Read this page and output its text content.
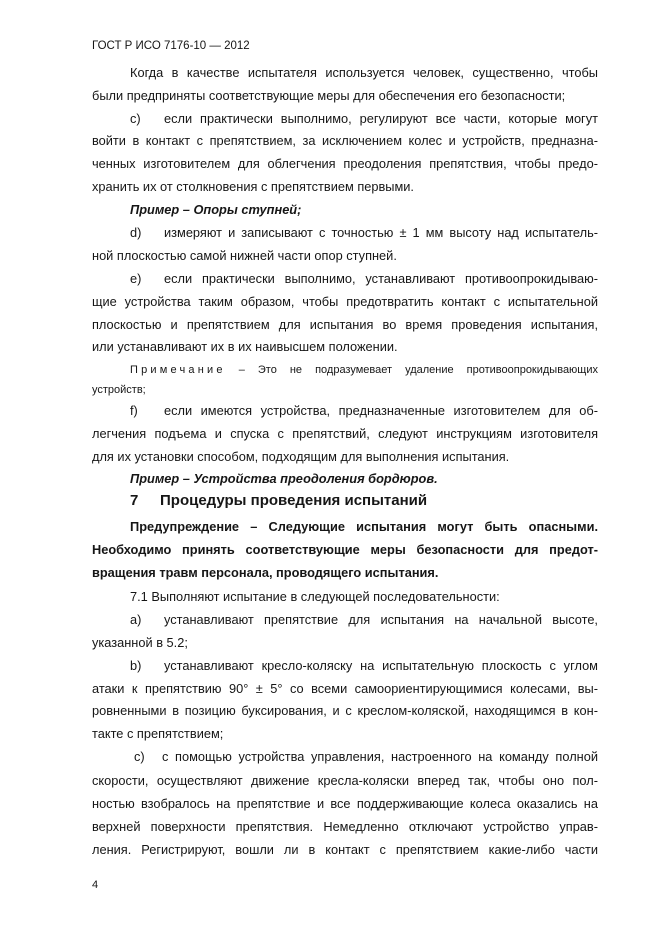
ГОСТ Р ИСО 7176-10 — 2012
Когда в качестве испытателя используется человек, существенно, чтобы
были предприняты соответствующие меры для обеспечения его безопасности;
c)	если практически выполнимо, регулируют все части, которые могут
войти в контакт с препятствием, за исключением колес и устройств, предназна-
ченных изготовителем для облегчения преодоления препятствия, чтобы предо-
хранить их от столкновения с препятствием первыми.
Пример – Опоры ступней;
d)	измеряют и записывают с точностью ± 1 мм высоту над испытатель-
ной плоскостью самой нижней части опор ступней.
e)	если практически выполнимо, устанавливают противоопрокидываю-
щие устройства таким образом, чтобы предотвратить контакт с испытательной
плоскостью и препятствием для испытания во время проведения испытания,
или устанавливают их в их наивысшем положении.
Примечание – Это не подразумевает удаление противоопрокидывающих
устройств;
f)	если имеются устройства, предназначенные изготовителем для об-
легчения подъема и спуска с препятствий, следуют инструкциям изготовителя
для их установки способом, подходящим для выполнения испытания.
Пример – Устройства преодоления бордюров.
7	Процедуры проведения испытаний
Предупреждение – Следующие испытания могут быть опасными.
Необходимо принять соответствующие меры безопасности для предот-
вращения травм персонала, проводящего испытания.
7.1 Выполняют испытание в следующей последовательности:
a)	устанавливают препятствие для испытания на начальной высоте,
указанной в 5.2;
b)	устанавливают кресло-коляску на испытательную плоскость с углом
атаки к препятствию 90° ± 5° со всеми самоориентирующимися колесами, вы-
ровненными в позицию буксирования, и с креслом-коляской, находящимся в кон-
такте с препятствием;
c)	с помощью устройства управления, настроенного на команду полной
скорости, осуществляют движение кресла-коляски вперед так, чтобы оно пол-
ностью взобралось на препятствие и все поддерживающие колеса оказались на
верхней поверхности препятствия. Немедленно отключают устройство управ-
ления. Регистрируют, вошли ли в контакт с препятствием какие-либо части
4
